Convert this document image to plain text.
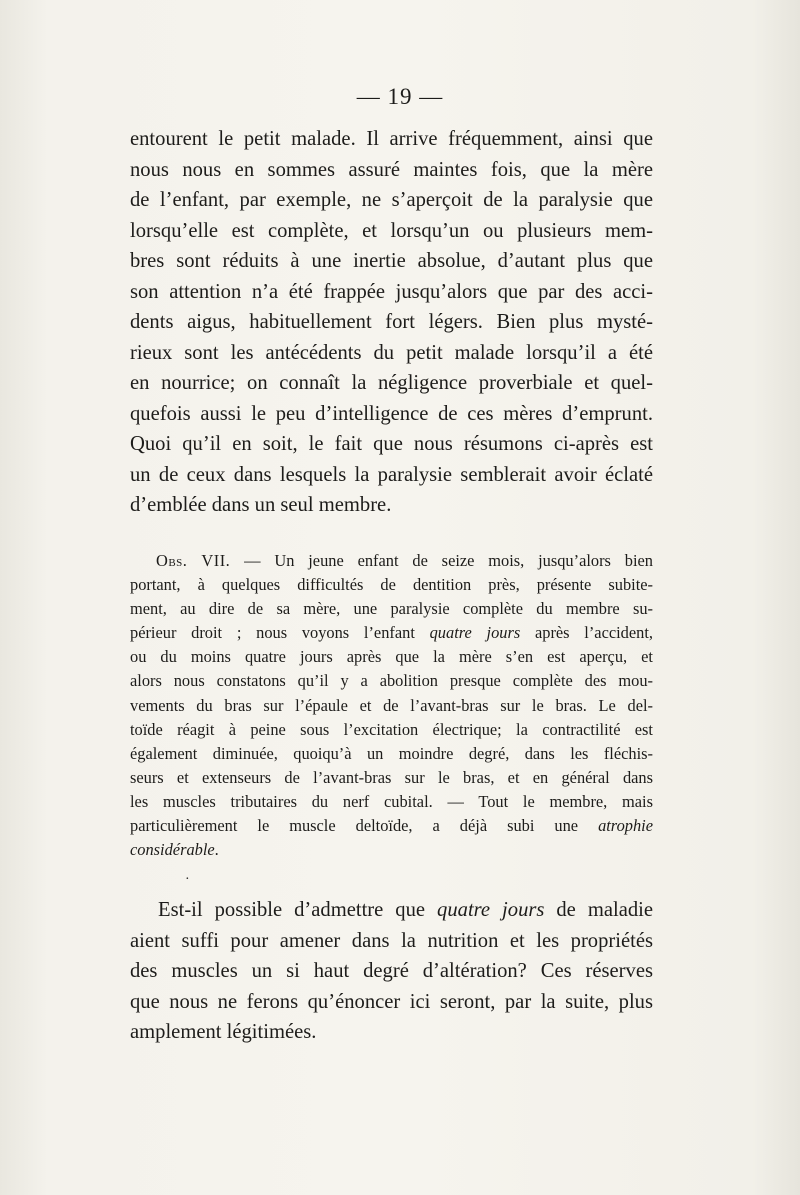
— 19 —
entourent le petit malade. Il arrive fréquemment, ainsi que
nous nous en sommes assuré maintes fois, que la mère
de l’enfant, par exemple, ne s’aperçoit de la paralysie que
lorsqu’elle est complète, et lorsqu’un ou plusieurs mem-
bres sont réduits à une inertie absolue, d’autant plus que
son attention n’a été frappée jusqu’alors que par des acci-
dents aigus, habituellement fort légers. Bien plus mysté-
rieux sont les antécédents du petit malade lorsqu’il a été
en nourrice; on connaît la négligence proverbiale et quel-
quefois aussi le peu d’intelligence de ces mères d’emprunt.
Quoi qu’il en soit, le fait que nous résumons ci-après est
un de ceux dans lesquels la paralysie semblerait avoir éclaté
d’emblée dans un seul membre.
Obs. VII. — Un jeune enfant de seize mois, jusqu’alors bien
portant, à quelques difficultés de dentition près, présente subite-
ment, au dire de sa mère, une paralysie complète du membre su-
périeur droit ; nous voyons l’enfant quatre jours après l’accident,
ou du moins quatre jours après que la mère s’en est aperçu, et
alors nous constatons qu’il y a abolition presque complète des mou-
vements du bras sur l’épaule et de l’avant-bras sur le bras. Le del-
toïde réagit à peine sous l’excitation électrique; la contractilité est
également diminuée, quoiqu’à un moindre degré, dans les fléchis-
seurs et extenseurs de l’avant-bras sur le bras, et en général dans
les muscles tributaires du nerf cubital. — Tout le membre, mais
particulièrement le muscle deltoïde, a déjà subi une atrophie
considérable.
·
Est-il possible d’admettre que quatre jours de maladie
aient suffi pour amener dans la nutrition et les propriétés
des muscles un si haut degré d’altération? Ces réserves
que nous ne ferons qu’énoncer ici seront, par la suite, plus
amplement légitimées.
